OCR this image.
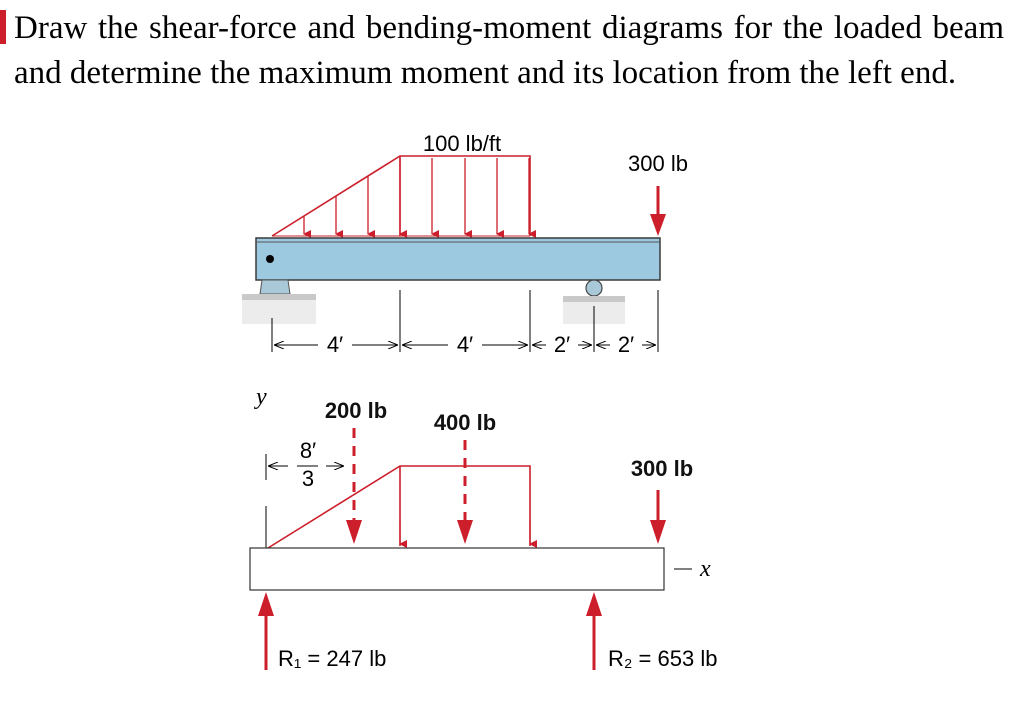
Draw the shear-force and bending-moment diagrams for the loaded beam and determine the maximum moment and its location from the left end.

100 lb/ft
300 lb
4′	4′	2′ 2′
y
8′
3
200 lb 400 lb
300 lb
x
R₁ = 247 lb	R₂ = 653 lb
